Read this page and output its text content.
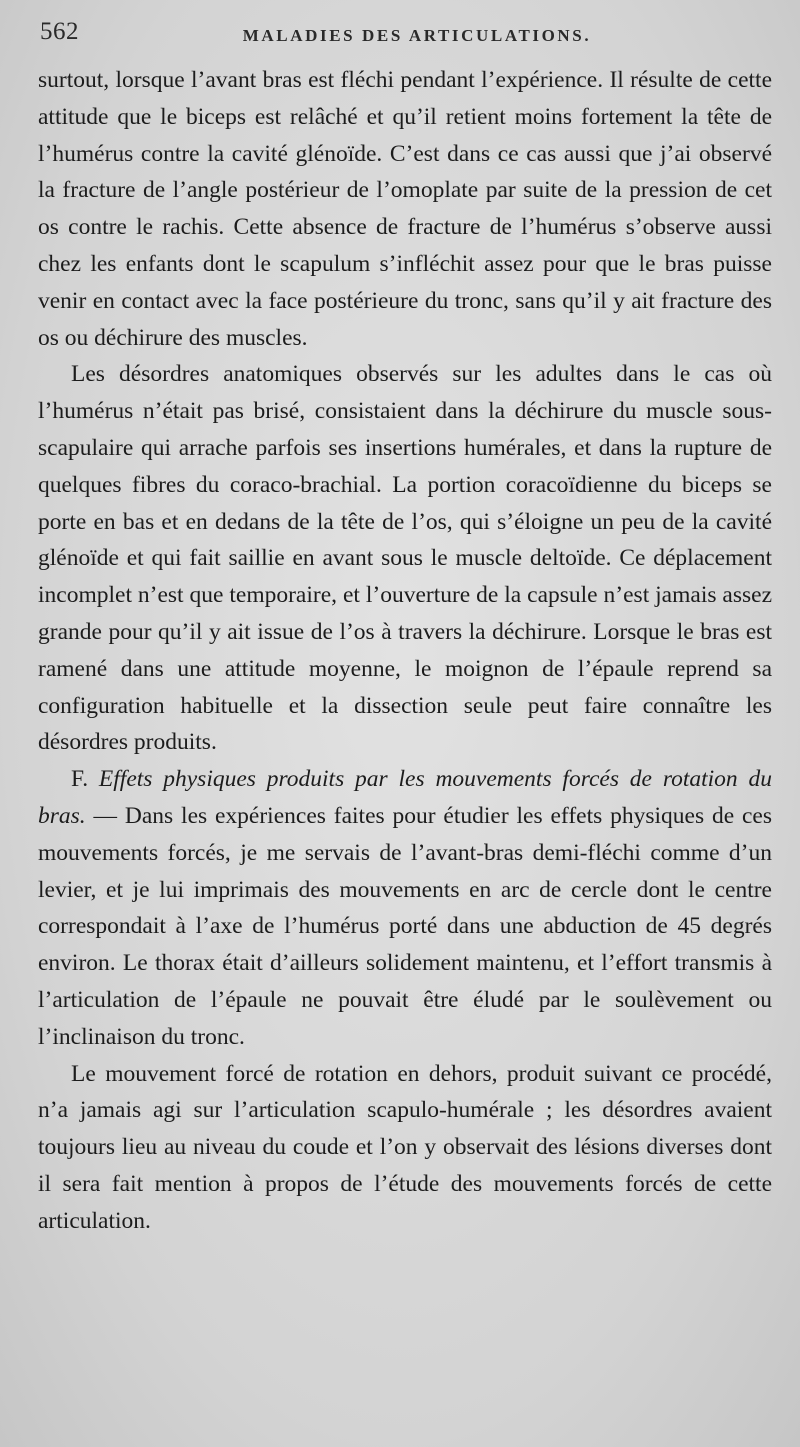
562	MALADIES DES ARTICULATIONS.

surtout, lorsque l’avant bras est fléchi pendant l’expérience. Il résulte de cette attitude que le biceps est relâché et qu’il retient moins fortement la tête de l’humérus contre la cavité glénoïde. C’est dans ce cas aussi que j’ai observé la fracture de l’angle postérieur de l’omoplate par suite de la pression de cet os contre le rachis. Cette absence de fracture de l’humérus s’observe aussi chez les enfants dont le scapulum s’infléchit assez pour que le bras puisse venir en contact avec la face postérieure du tronc, sans qu’il y ait fracture des os ou déchirure des muscles.

Les désordres anatomiques observés sur les adultes dans le cas où l’humérus n’était pas brisé, consistaient dans la déchirure du muscle sous-scapulaire qui arrache parfois ses insertions humérales, et dans la rupture de quelques fibres du coraco-brachial. La portion coracoïdienne du biceps se porte en bas et en dedans de la tête de l’os, qui s’éloigne un peu de la cavité glénoïde et qui fait saillie en avant sous le muscle deltoïde. Ce déplacement incomplet n’est que temporaire, et l’ouverture de la capsule n’est jamais assez grande pour qu’il y ait issue de l’os à travers la déchirure. Lorsque le bras est ramené dans une attitude moyenne, le moignon de l’épaule reprend sa configuration habituelle et la dissection seule peut faire connaître les désordres produits.

F. Effets physiques produits par les mouvements forcés de rotation du bras. — Dans les expériences faites pour étudier les effets physiques de ces mouvements forcés, je me servais de l’avant-bras demi-fléchi comme d’un levier, et je lui imprimais des mouvements en arc de cercle dont le centre correspondait à l’axe de l’humérus porté dans une abduction de 45 degrés environ. Le thorax était d’ailleurs solidement maintenu, et l’effort transmis à l’articulation de l’épaule ne pouvait être éludé par le soulèvement ou l’inclinaison du tronc.

Le mouvement forcé de rotation en dehors, produit suivant ce procédé, n’a jamais agi sur l’articulation scapulo-humérale ; les désordres avaient toujours lieu au niveau du coude et l’on y observait des lésions diverses dont il sera fait mention à propos de l’étude des mouvements forcés de cette articulation.
